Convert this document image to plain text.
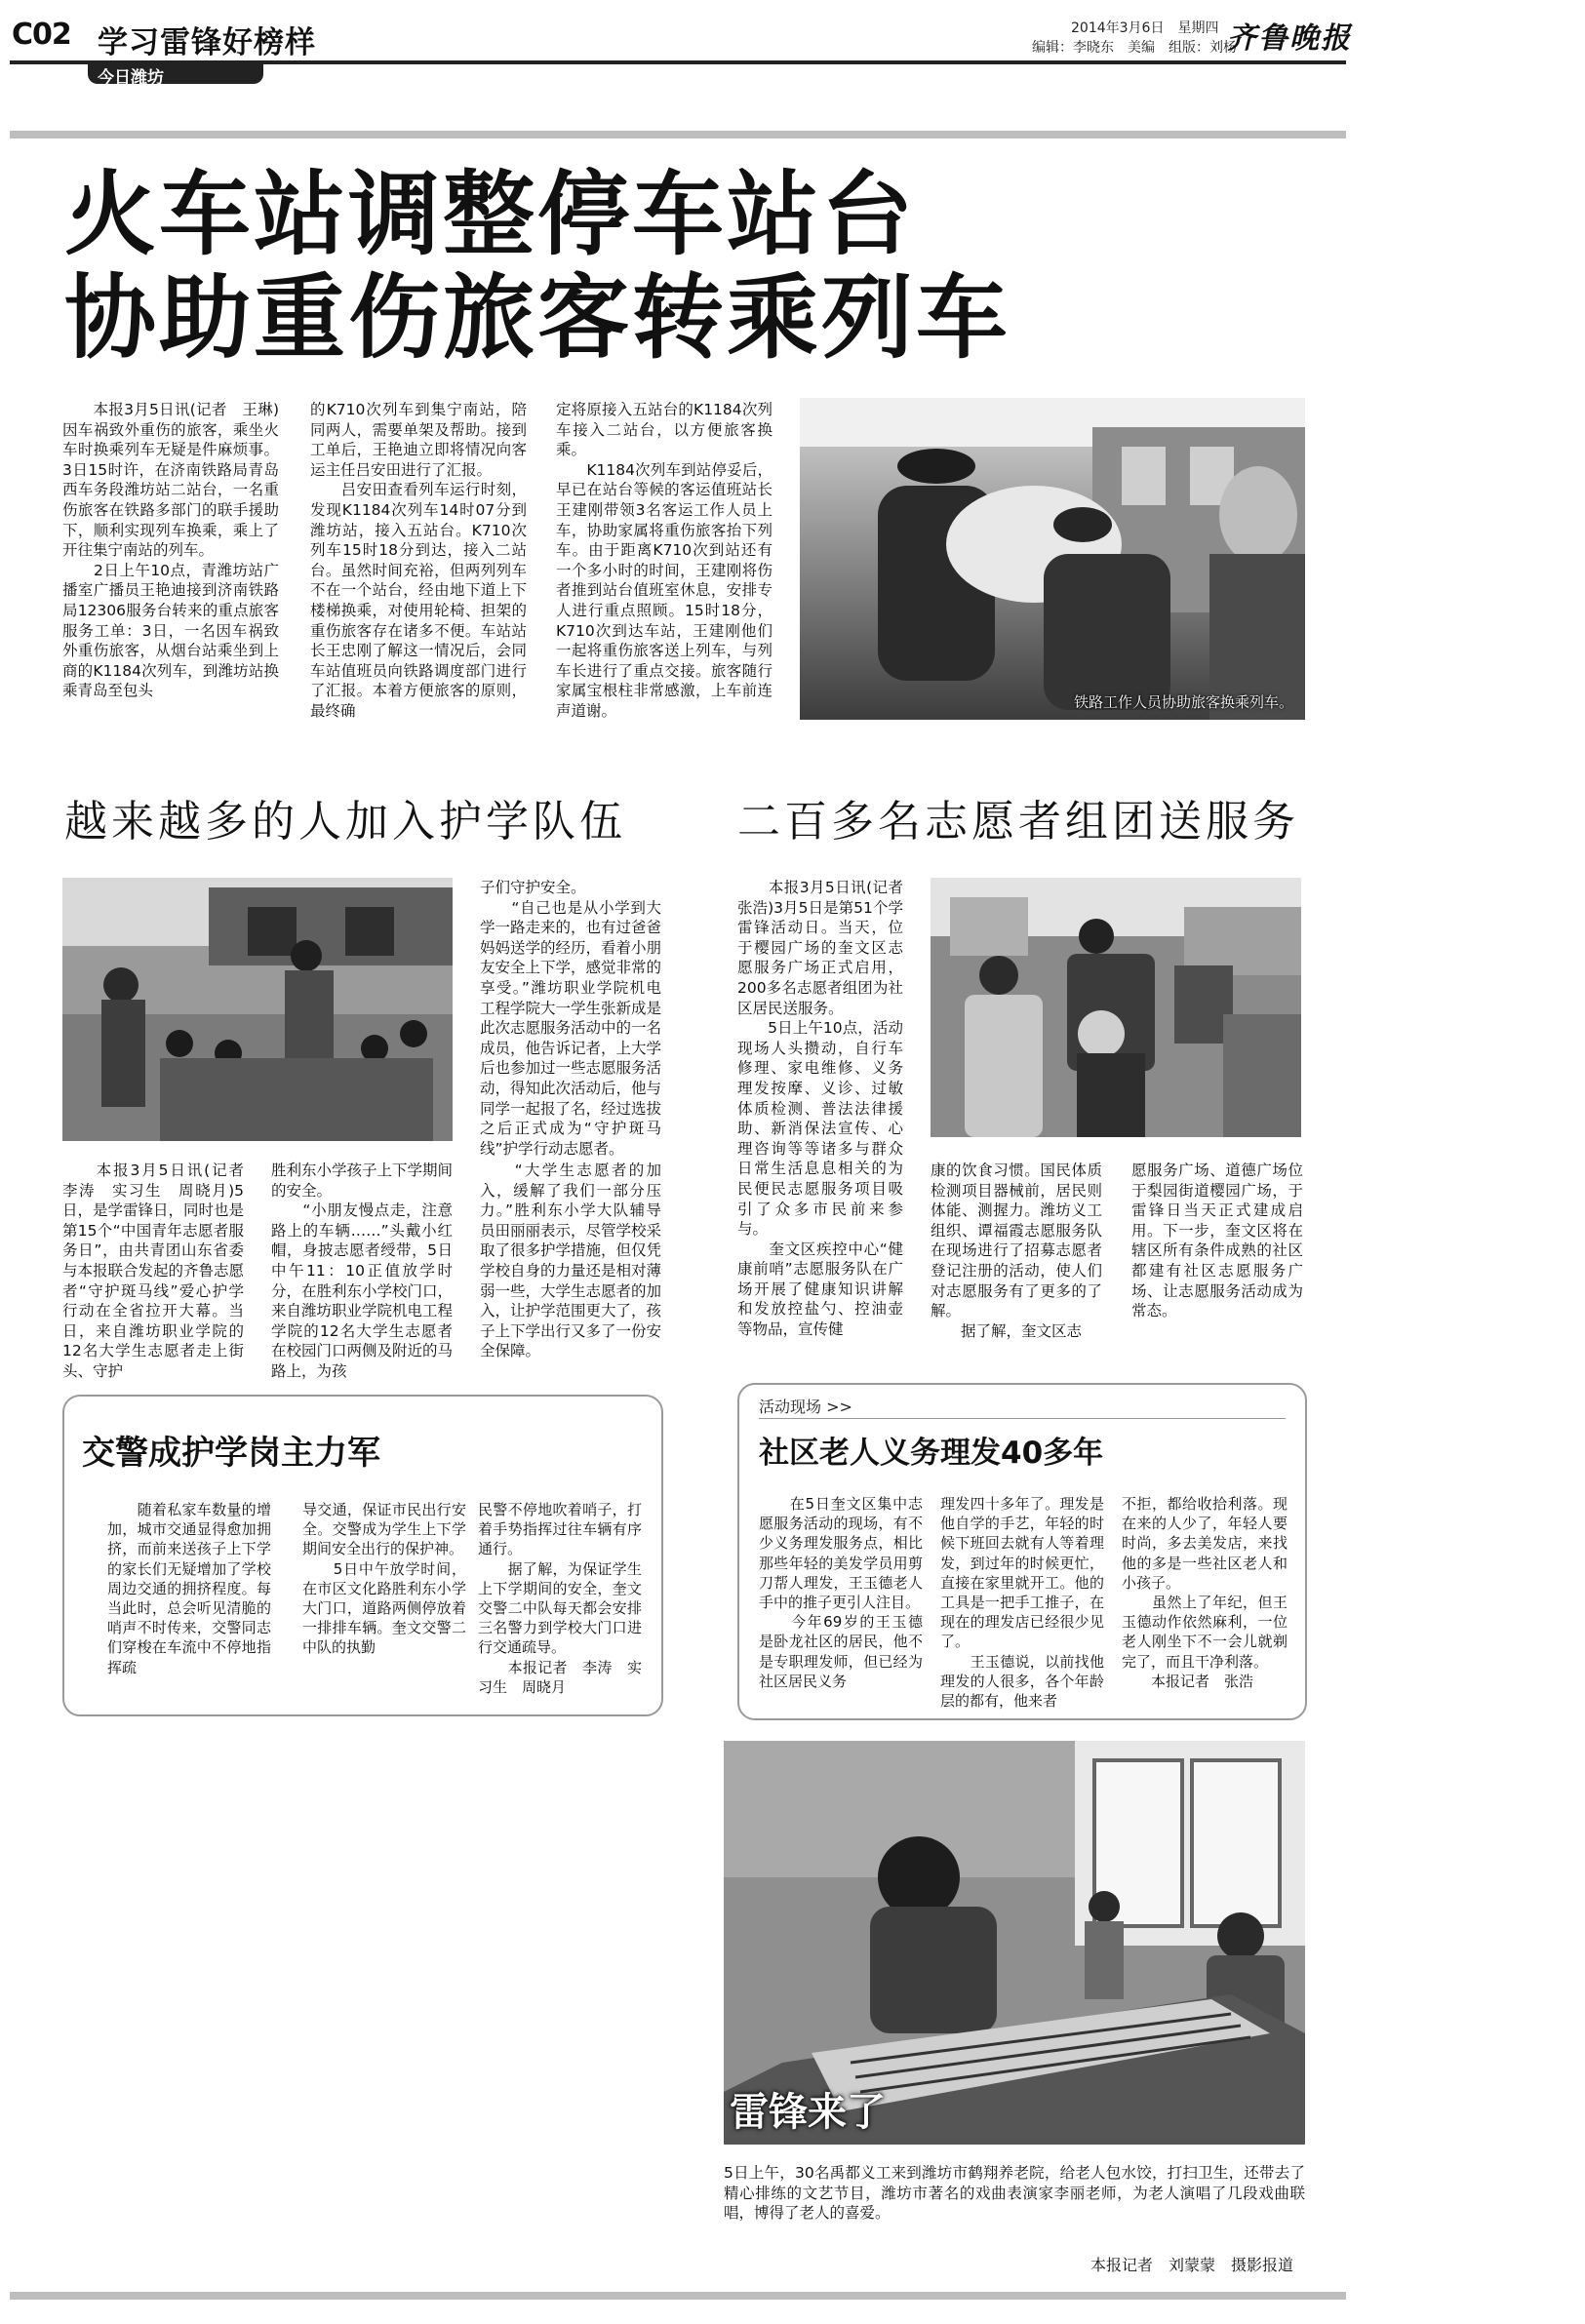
C02 学习雷锋好榜样
今日潍坊
2014年3月6日　星期四
编辑：李晓东　美编　组版：刘杨
齐鲁晚报
火车站调整停车站台
协助重伤旅客转乘列车
　　本报3月5日讯(记者　王琳)因车祸致外重伤的旅客，乘坐火车时换乘列车无疑是件麻烦事。3日15时许，在济南铁路局青岛西车务段潍坊站二站台，一名重伤旅客在铁路多部门的联手援助下，顺利实现列车换乘，乘上了开往集宁南站的列车。
　　2日上午10点，青潍坊站广播室广播员王艳迪接到济南铁路局12306服务台转来的重点旅客服务工单：3日，一名因车祸致外重伤旅客，从烟台站乘坐到上商的K1184次列车，到潍坊站换乘青岛至包头
的K710次列车到集宁南站，陪同两人，需要单架及帮助。接到工单后，王艳迪立即将情况向客运主任吕安田进行了汇报。
　　吕安田查看列车运行时刻，发现K1184次列车14时07分到潍坊站，接入五站台。K710次列车15时18分到达，接入二站台。虽然时间充裕，但两列列车不在一个站台，经由地下道上下楼梯换乘，对使用轮椅、担架的重伤旅客存在诸多不便。车站站长王忠刚了解这一情况后，会同车站值班员向铁路调度部门进行了汇报。本着方便旅客的原则，最终确
定将原接入五站台的K1184次列车接入二站台，以方便旅客换乘。
　　K1184次列车到站停妥后，早已在站台等候的客运值班站长王建刚带领3名客运工作人员上车，协助家属将重伤旅客抬下列车。由于距离K710次到站还有一个多小时的时间，王建刚将伤者推到站台值班室休息，安排专人进行重点照顾。15时18分，K710次到达车站，王建刚他们一起将重伤旅客送上列车，与列车长进行了重点交接。旅客随行家属宝根柱非常感激，上车前连声道谢。	铁路工作人员协助旅客换乘列车。
越来越多的人加入护学队伍
　　本报3月5日讯(记者　李涛　实习生　周晓月)5日，是学雷锋日，同时也是第15个“中国青年志愿者服务日”，由共青团山东省委与本报联合发起的齐鲁志愿者“守护斑马线”爱心护学行动在全省拉开大幕。当日，来自潍坊职业学院的12名大学生志愿者走上街头、守护
胜利东小学孩子上下学期间的安全。
　　“小朋友慢点走，注意路上的车辆……”头戴小红帽，身披志愿者绶带，5日中午11：10正值放学时分，在胜利东小学校门口，来自潍坊职业学院机电工程学院的12名大学生志愿者在校园门口两侧及附近的马路上，为孩
子们守护安全。
　　“自己也是从小学到大学一路走来的，也有过爸爸妈妈送学的经历，看着小朋友安全上下学，感觉非常的享受。”潍坊职业学院机电工程学院大一学生张新成是此次志愿服务活动中的一名成员，他告诉记者，上大学后也参加过一些志愿服务活动，得知此次活动后，他与同学一起报了名，经过选拔之后正式成为“守护斑马线”护学行动志愿者。
　　“大学生志愿者的加入，缓解了我们一部分压力。”胜利东小学大队辅导员田丽丽表示，尽管学校采取了很多护学措施，但仅凭学校自身的力量还是相对薄弱一些，大学生志愿者的加入，让护学范围更大了，孩子上下学出行又多了一份安全保障。
二百多名志愿者组团送服务
　　本报3月5日讯(记者　张浩)3月5日是第51个学雷锋活动日。当天，位于樱园广场的奎文区志愿服务广场正式启用，200多名志愿者组团为社区居民送服务。
　　5日上午10点，活动现场人头攒动，自行车修理、家电维修、义务理发按摩、义诊、过敏体质检测、普法法律援助、新消保法宣传、心理咨询等等诸多与群众日常生活息息相关的为民便民志愿服务项目吸引了众多市民前来参与。
　　奎文区疾控中心“健康前哨”志愿服务队在广场开展了健康知识讲解和发放控盐勺、控油壶等物品，宣传健
康的饮食习惯。国民体质检测项目器械前，居民则体能、测握力。潍坊义工组织、谭福霞志愿服务队在现场进行了招募志愿者登记注册的活动，使人们对志愿服务有了更多的了解。
　　据了解，奎文区志
愿服务广场、道德广场位于梨园街道樱园广场，于雷锋日当天正式建成启用。下一步，奎文区将在辖区所有条件成熟的社区都建有社区志愿服务广场、让志愿服务活动成为常态。
交警成护学岗主力军
　　随着私家车数量的增加，城市交通显得愈加拥挤，而前来送孩子上下学的家长们无疑增加了学校周边交通的拥挤程度。每当此时，总会听见清脆的哨声不时传来，交警同志们穿梭在车流中不停地指挥疏
导交通，保证市民出行安全。交警成为学生上下学期间安全出行的保护神。
　　5日中午放学时间，在市区文化路胜利东小学大门口，道路两侧停放着一排排车辆。奎文交警二中队的执勤
民警不停地吹着哨子，打着手势指挥过往车辆有序通行。
　　据了解，为保证学生上下学期间的安全，奎文交警二中队每天都会安排三名警力到学校大门口进行交通疏导。
　　本报记者　李涛　实习生　周晓月
活动现场 >>
社区老人义务理发40多年
　　在5日奎文区集中志愿服务活动的现场，有不少义务理发服务点，相比那些年轻的美发学员用剪刀帮人理发，王玉德老人手中的推子更引人注目。
　　今年69岁的王玉德是卧龙社区的居民，他不是专职理发师，但已经为社区居民义务
理发四十多年了。理发是他自学的手艺，年轻的时候下班回去就有人等着理发，到过年的时候更忙，直接在家里就开工。他的工具是一把手工推子，在现在的理发店已经很少见了。
　　王玉德说，以前找他理发的人很多，各个年龄层的都有，他来者
不拒，都给收拾利落。现在来的人少了，年轻人要时尚，多去美发店，来找他的多是一些社区老人和小孩子。
　　虽然上了年纪，但王玉德动作依然麻利，一位老人刚坐下不一会儿就剃完了，而且干净利落。
　　本报记者　张浩
雷锋来了
5日上午，30名禹都义工来到潍坊市鹤翔养老院，给老人包水饺，打扫卫生，还带去了精心排练的文艺节目，潍坊市著名的戏曲表演家李丽老师，为老人演唱了几段戏曲联唱，博得了老人的喜爱。
本报记者　刘蒙蒙　摄影报道
